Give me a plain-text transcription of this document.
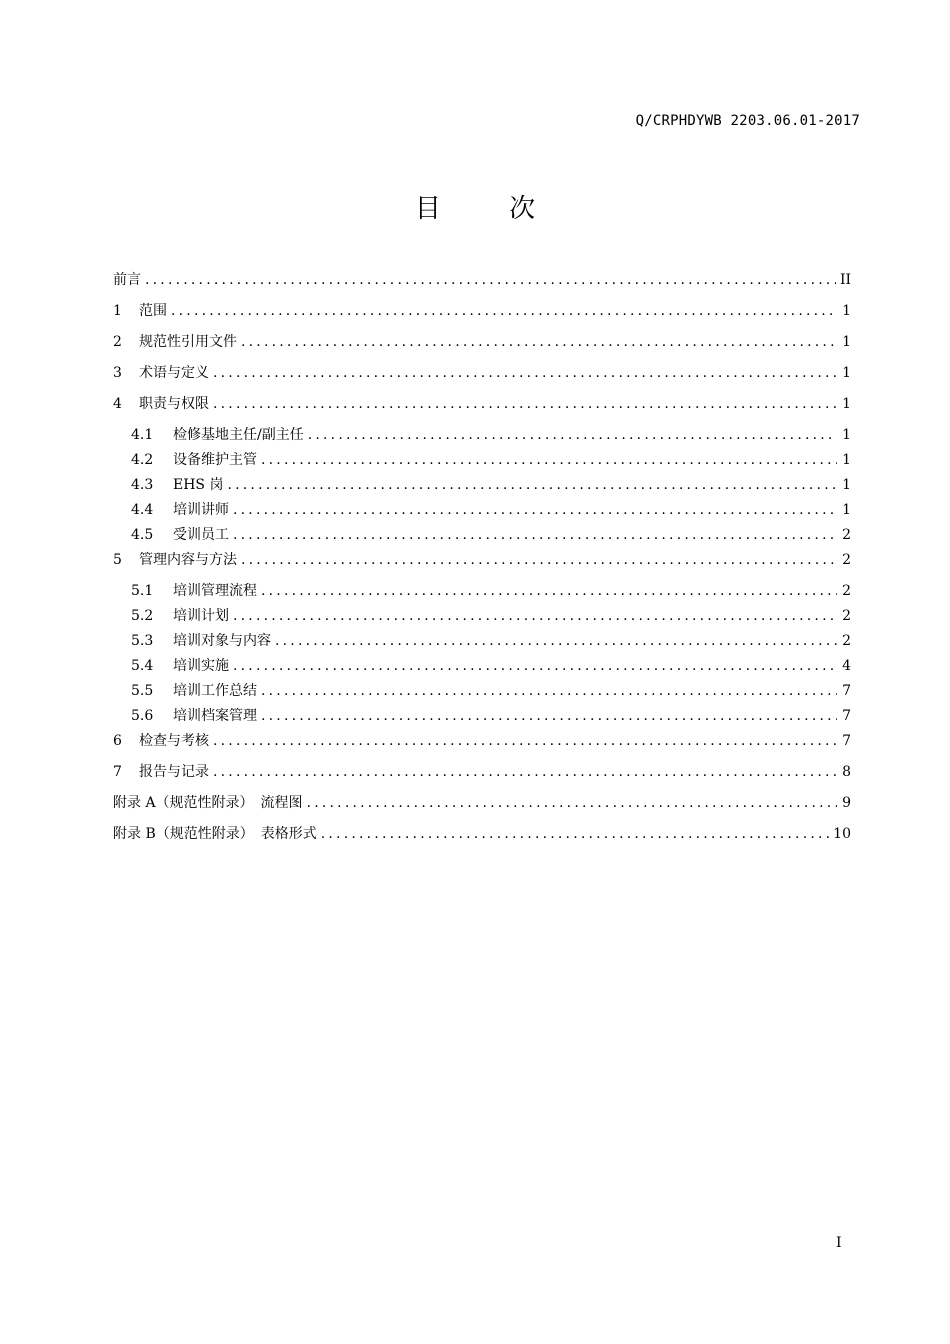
Q/CRPHDYWB 2203.06.01-2017
目 次
前言 .....	II
1	范围 .....	1
2	规范性引用文件 .....	1
3	术语与定义 .....	1
4	职责与权限 .....	1
4.1	检修基地主任/副主任 .....	1
4.2	设备维护主管 .....	1
4.3	EHS 岗 .....	1
4.4	培训讲师 .....	1
4.5	受训员工 .....	2
5	管理内容与方法 .....	2
5.1	培训管理流程 .....	2
5.2	培训计划 .....	2
5.3	培训对象与内容 .....	2
5.4	培训实施 .....	4
5.5	培训工作总结 .....	7
5.6	培训档案管理 .....	7
6	检查与考核 .....	7
7	报告与记录 .....	8
附录 A（规范性附录）　流程图 .....	9
附录 B（规范性附录）　表格形式 .....	10
I
